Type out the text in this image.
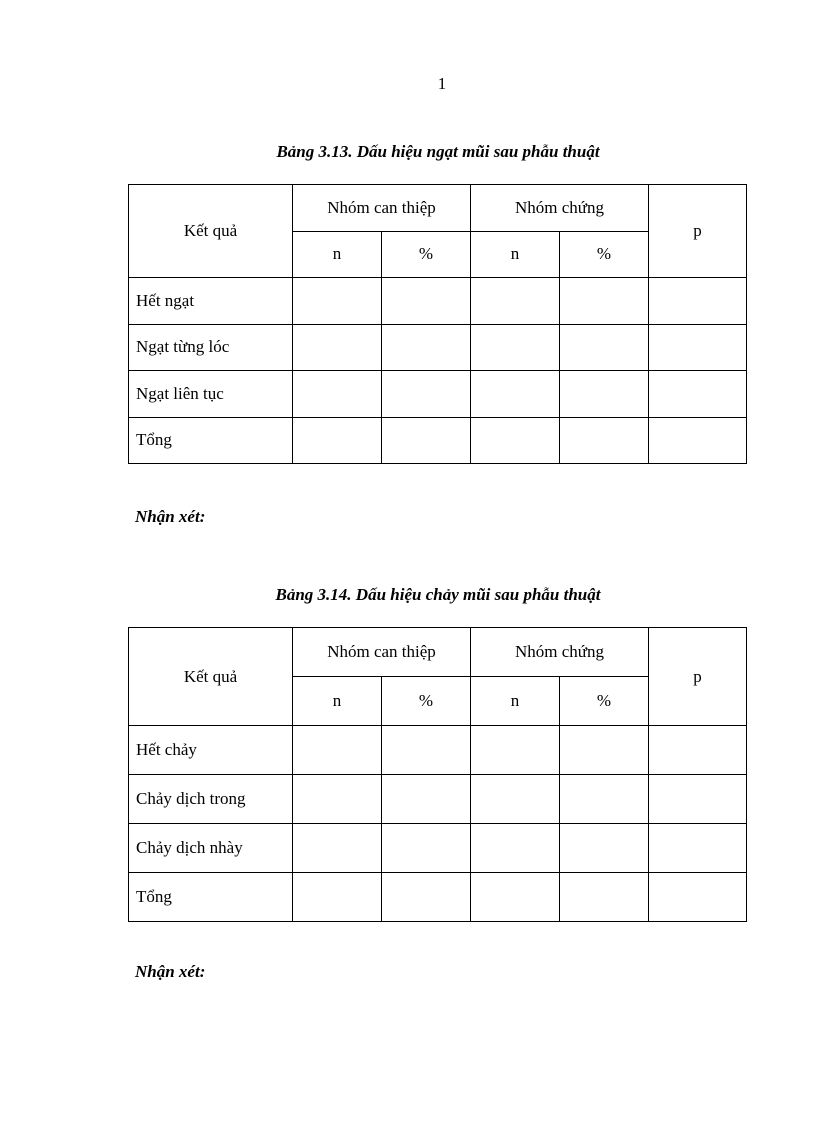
1
Bảng 3.13. Dấu hiệu ngạt mũi sau phẫu thuật
Kết quả	Nhóm can thiệp		Nhóm chứng		p
	n	%	n	%	
Hết ngạt					
Ngạt từng lóc					
Ngạt liên tục					
Tổng					
Nhận xét:
Bảng 3.14. Dấu hiệu chảy mũi sau phẫu thuật
Kết quả	Nhóm can thiệp		Nhóm chứng		p
	n	%	n	%	
Hết chảy					
Chảy dịch trong					
Chảy dịch nhày					
Tổng					
Nhận xét:
